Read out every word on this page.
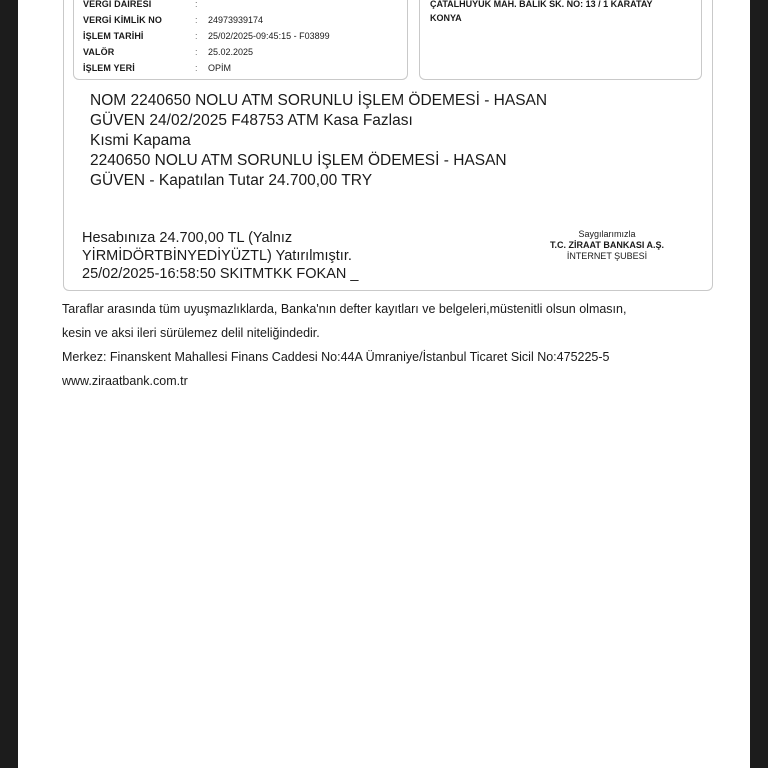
VERGİ DAİRESİ	:
VERGİ KİMLİK NO	: 24973939174
İŞLEM TARİHİ	: 25/02/2025-09:45:15 - F03899
VALÖR	: 25.02.2025
İŞLEM YERİ	: OPİM
ÇATALHÜYÜK MAH. BALIK SK. NO: 13 / 1 KARATAY
KONYA
NOM 2240650 NOLU ATM SORUNLU İŞLEM ÖDEMESİ - HASAN
GÜVEN 24/02/2025 F48753 ATM Kasa Fazlası
Kısmi Kapama
2240650 NOLU ATM SORUNLU İŞLEM ÖDEMESİ - HASAN
GÜVEN - Kapatılan Tutar 24.700,00 TRY
Hesabınıza 24.700,00 TL (Yalnız
YİRMİDÖRTBİNYEDİYÜZTL) Yatırılmıştır.
25/02/2025-16:58:50 SKITMTKK FOKAN _
Saygılarımızla
T.C. ZİRAAT BANKASI A.Ş.
İNTERNET ŞUBESİ
Taraflar arasında tüm uyuşmazlıklarda, Banka'nın defter kayıtları ve belgeleri,müstenitli olsun olmasın,
kesin ve aksi ileri sürülemez delil niteliğindedir.
Merkez: Finanskent Mahallesi Finans Caddesi No:44A Ümraniye/İstanbul Ticaret Sicil No:475225-5
www.ziraatbank.com.tr
